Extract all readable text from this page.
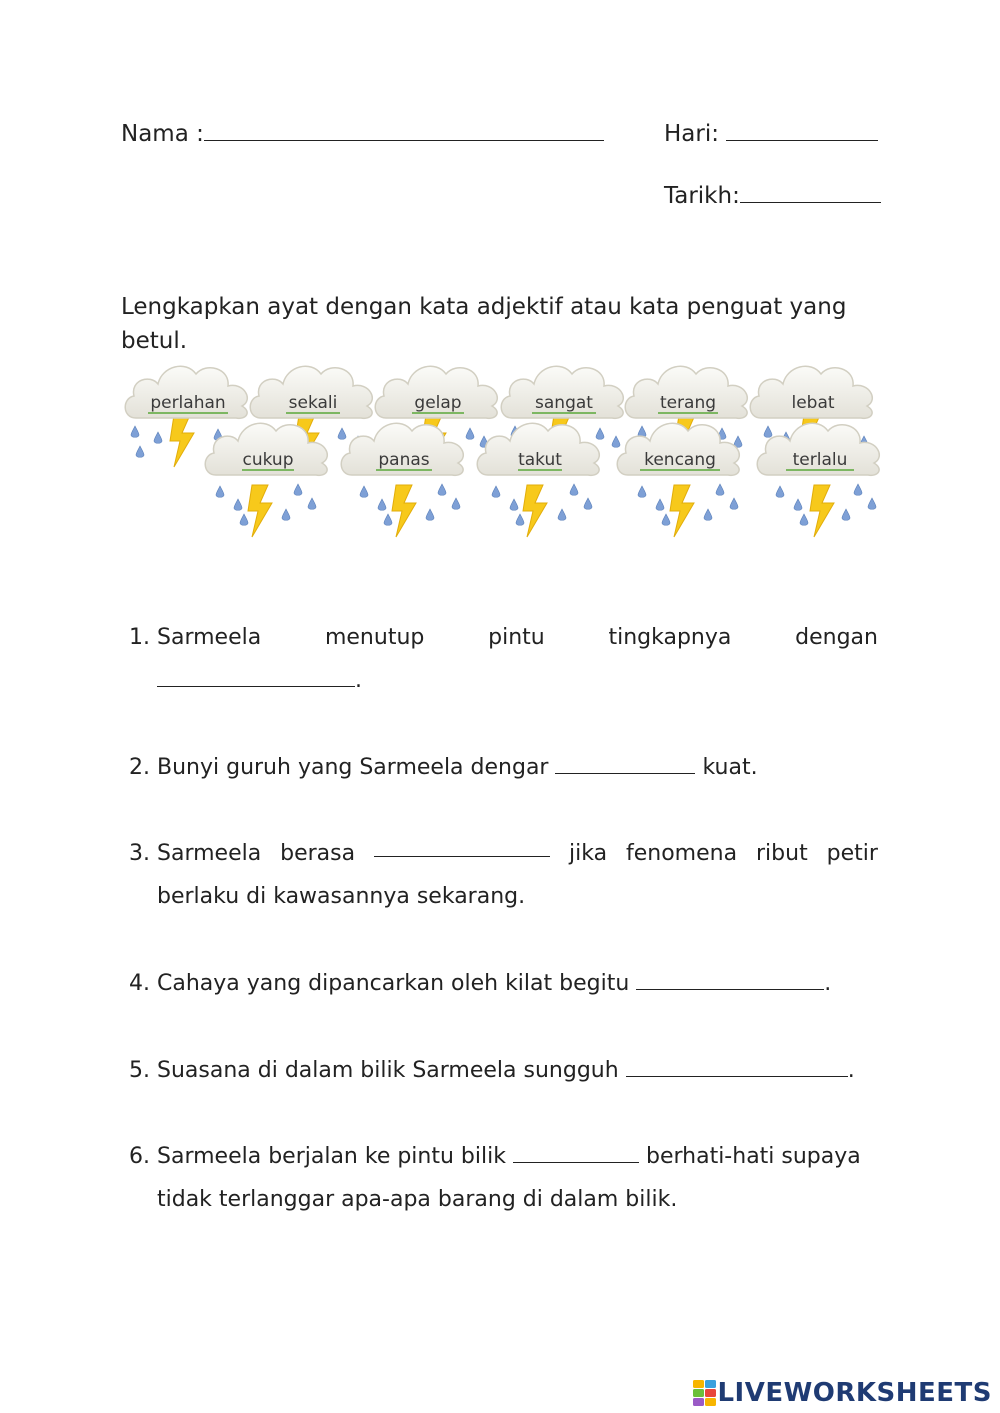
Nama :	Hari:
Tarikh:
Lengkapkan ayat dengan kata adjektif atau kata penguat yang betul.
perlahan	sekali	gelap	sangat	terang	lebat
cukup	panas	takut	kencang	terlalu
1. Sarmeela	menutup	pintu	tingkapnya	dengan
.
2. Bunyi guruh yang Sarmeela dengar	kuat.
3. Sarmeela berasa	jika fenomena ribut petir
berlaku di kawasannya sekarang.
4. Cahaya yang dipancarkan oleh kilat begitu	.
5. Suasana di dalam bilik Sarmeela sungguh	.
6. Sarmeela berjalan ke pintu bilik	berhati-hati supaya
tidak terlanggar apa-apa barang di dalam bilik.
LIVEWORKSHEETS
